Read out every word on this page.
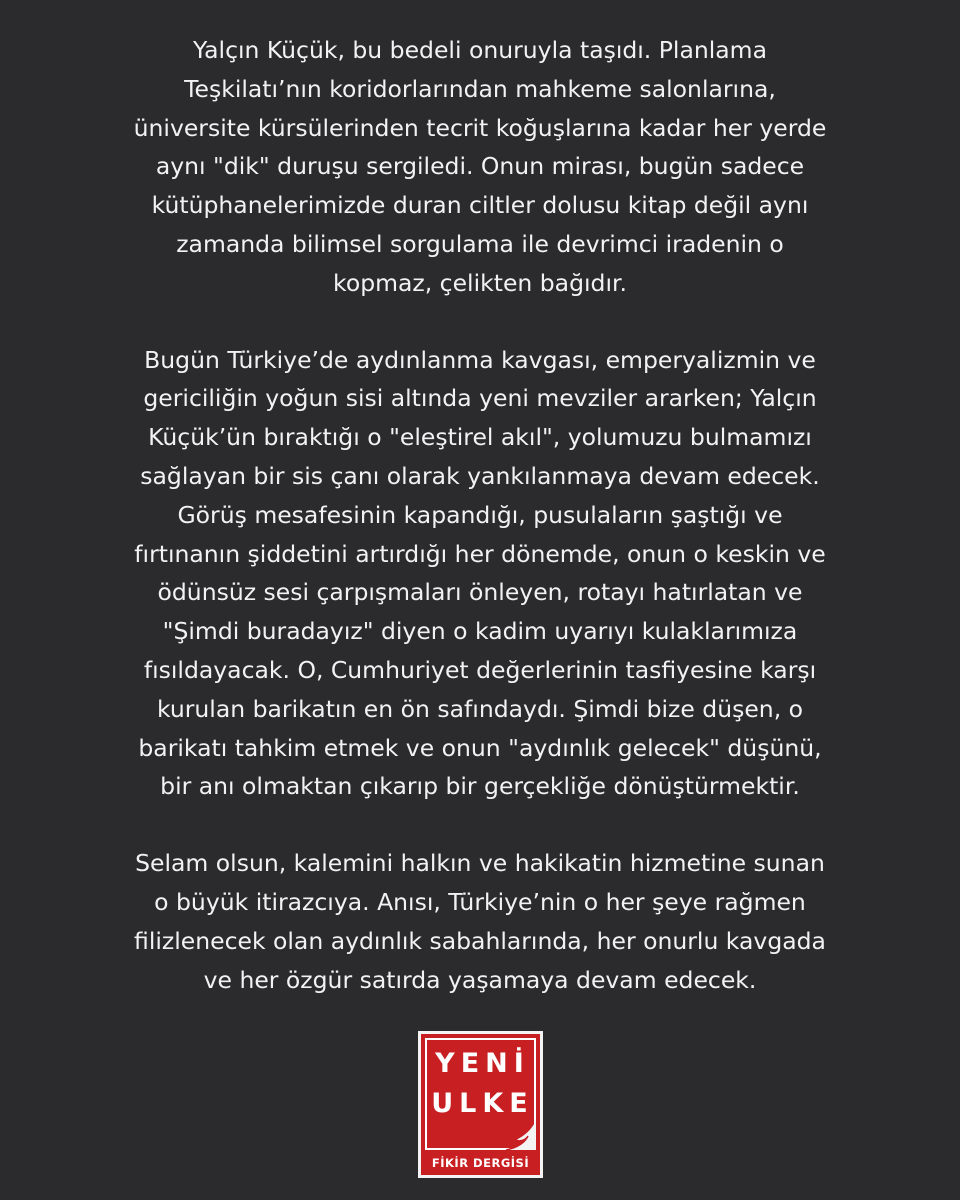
Yalçın Küçük, bu bedeli onuruyla taşıdı. Planlama
Teşkilatı’nın koridorlarından mahkeme salonlarına,
üniversite kürsülerinden tecrit koğuşlarına kadar her yerde
aynı "dik" duruşu sergiledi. Onun mirası, bugün sadece
kütüphanelerimizde duran ciltler dolusu kitap değil aynı
zamanda bilimsel sorgulama ile devrimci iradenin o
kopmaz, çelikten bağıdır.
Bugün Türkiye’de aydınlanma kavgası, emperyalizmin ve
gericiliğin yoğun sisi altında yeni mevziler ararken; Yalçın
Küçük’ün bıraktığı o "eleştirel akıl", yolumuzu bulmamızı
sağlayan bir sis çanı olarak yankılanmaya devam edecek.
Görüş mesafesinin kapandığı, pusulaların şaştığı ve
fırtınanın şiddetini artırdığı her dönemde, onun o keskin ve
ödünsüz sesi çarpışmaları önleyen, rotayı hatırlatan ve
"Şimdi buradayız" diyen o kadim uyarıyı kulaklarımıza
fısıldayacak. O, Cumhuriyet değerlerinin tasfiyesine karşı
kurulan barikatın en ön safındaydı. Şimdi bize düşen, o
barikatı tahkim etmek ve onun "aydınlık gelecek" düşünü,
bir anı olmaktan çıkarıp bir gerçekliğe dönüştürmektir.
Selam olsun, kalemini halkın ve hakikatin hizmetine sunan
o büyük itirazcıya. Anısı, Türkiye’nin o her şeye rağmen
filizlenecek olan aydınlık sabahlarında, her onurlu kavgada
ve her özgür satırda yaşamaya devam edecek.
YENİ
ULKE
FİKİR DERGİSİ
